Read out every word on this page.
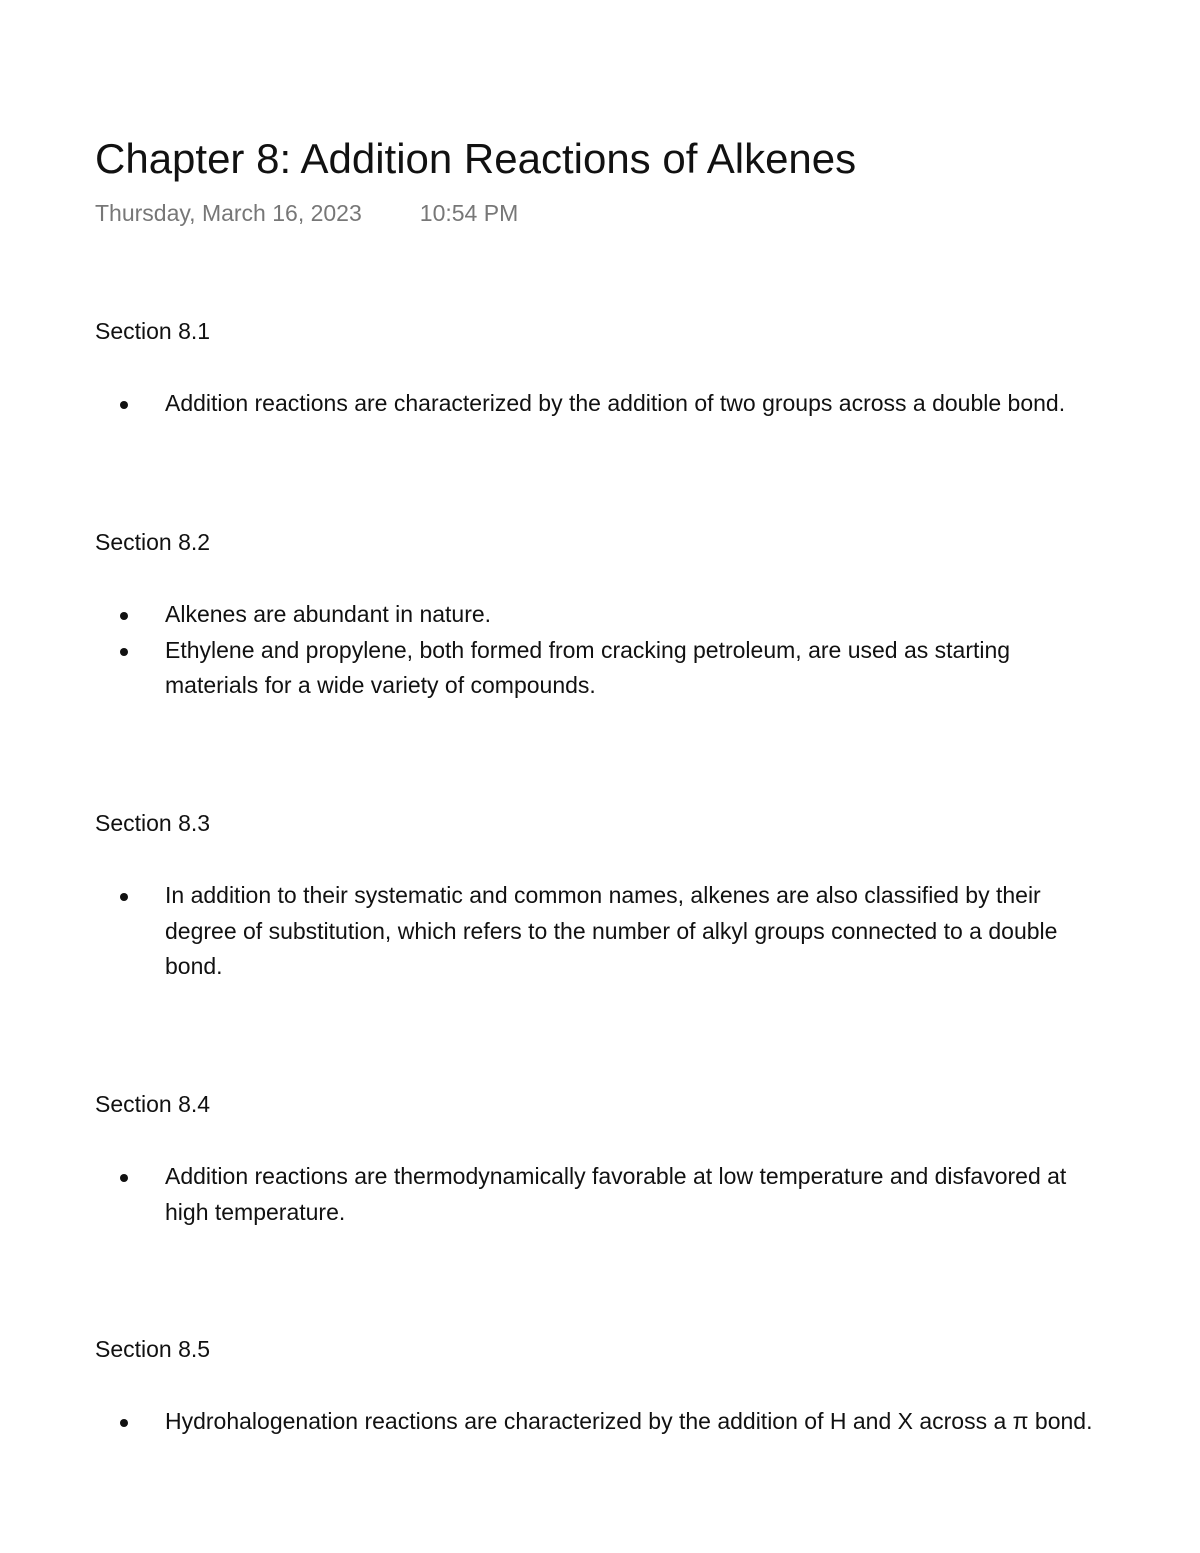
Chapter 8: Addition Reactions of Alkenes
Thursday, March 16, 2023	10:54 PM
Section 8.1
Addition reactions are characterized by the addition of two groups across a double bond.
Section 8.2
Alkenes are abundant in nature.
Ethylene and propylene, both formed from cracking petroleum, are used as starting
materials for a wide variety of compounds.
Section 8.3
In addition to their systematic and common names, alkenes are also classified by their
degree of substitution, which refers to the number of alkyl groups connected to a double
bond.
Section 8.4
Addition reactions are thermodynamically favorable at low temperature and disfavored at
high temperature.
Section 8.5
Hydrohalogenation reactions are characterized by the addition of H and X across a π bond.
